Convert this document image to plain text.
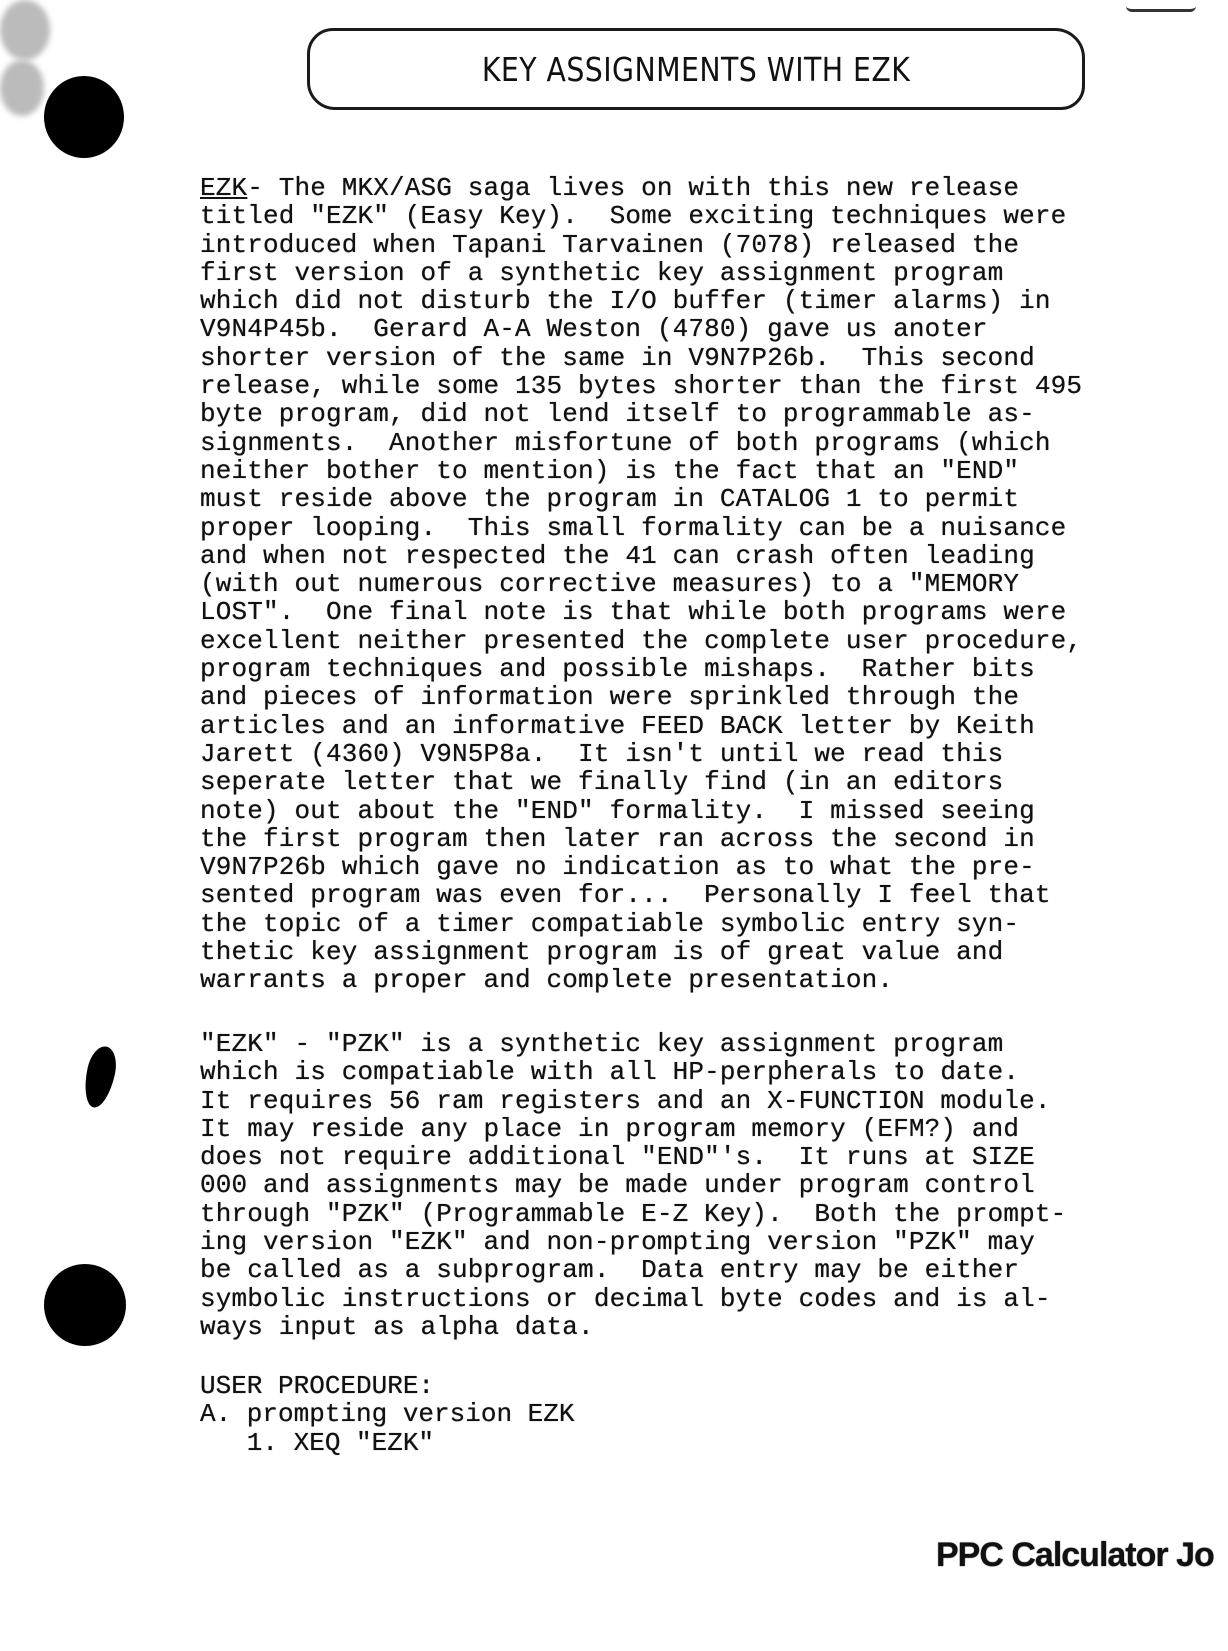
KEY ASSIGNMENTS WITH EZK
EZK- The MKX/ASG saga lives on with this new release
titled "EZK" (Easy Key).  Some exciting techniques were
introduced when Tapani Tarvainen (7078) released the
first version of a synthetic key assignment program
which did not disturb the I/O buffer (timer alarms) in
V9N4P45b.  Gerard A-A Weston (4780) gave us anoter
shorter version of the same in V9N7P26b.  This second
release, while some 135 bytes shorter than the first 495
byte program, did not lend itself to programmable as-
signments.  Another misfortune of both programs (which
neither bother to mention) is the fact that an "END"
must reside above the program in CATALOG 1 to permit
proper looping.  This small formality can be a nuisance
and when not respected the 41 can crash often leading
(with out numerous corrective measures) to a "MEMORY
LOST".  One final note is that while both programs were
excellent neither presented the complete user procedure,
program techniques and possible mishaps.  Rather bits
and pieces of information were sprinkled through the
articles and an informative FEED BACK letter by Keith
Jarett (4360) V9N5P8a.  It isn't until we read this
seperate letter that we finally find (in an editors
note) out about the "END" formality.  I missed seeing
the first program then later ran across the second in
V9N7P26b which gave no indication as to what the pre-
sented program was even for...  Personally I feel that
the topic of a timer compatiable symbolic entry syn-
thetic key assignment program is of great value and
warrants a proper and complete presentation.
"EZK" - "PZK" is a synthetic key assignment program
which is compatiable with all HP-perpherals to date.
It requires 56 ram registers and an X-FUNCTION module.
It may reside any place in program memory (EFM?) and
does not require additional "END"'s.  It runs at SIZE
000 and assignments may be made under program control
through "PZK" (Programmable E-Z Key).  Both the prompt-
ing version "EZK" and non-prompting version "PZK" may
be called as a subprogram.  Data entry may be either
symbolic instructions or decimal byte codes and is al-
ways input as alpha data.
USER PROCEDURE:
A. prompting version EZK
1. XEQ "EZK"
PPC Calculator Jo
